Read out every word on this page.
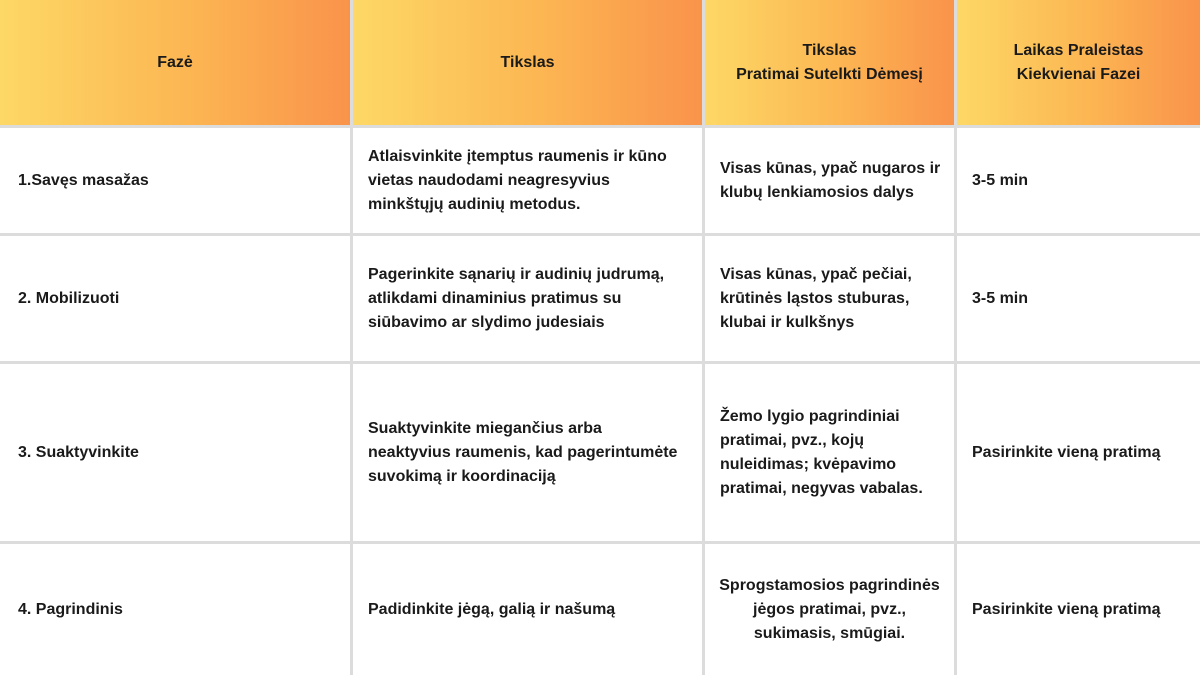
Fazė	Tikslas
Tikslas
Pratimai Sutelkti Dėmesį
Laikas Praleistas
Kiekvienai Fazei
1.Savęs masažas
Atlaisvinkite įtemptus raumenis ir kūno vietas naudodami neagresyvius minkštųjų audinių metodus.
Visas kūnas, ypač nugaros ir klubų lenkiamosios dalys
3-5 min
2. Mobilizuoti
Pagerinkite sąnarių ir audinių judrumą, atlikdami dinaminius pratimus su siūbavimo ar slydimo judesiais
Visas kūnas, ypač pečiai, krūtinės ląstos stuburas, klubai ir kulkšnys
3-5 min
3. Suaktyvinkite
Suaktyvinkite miegančius arba neaktyvius raumenis, kad pagerintumėte suvokimą ir koordinaciją
Žemo lygio pagrindiniai pratimai, pvz., kojų nuleidimas; kvėpavimo pratimai, negyvas vabalas.
Pasirinkite vieną pratimą
4. Pagrindinis	Padidinkite jėgą, galią ir našumą
Sprogstamosios pagrindinės jėgos pratimai, pvz., sukimasis, smūgiai.
Pasirinkite vieną pratimą
